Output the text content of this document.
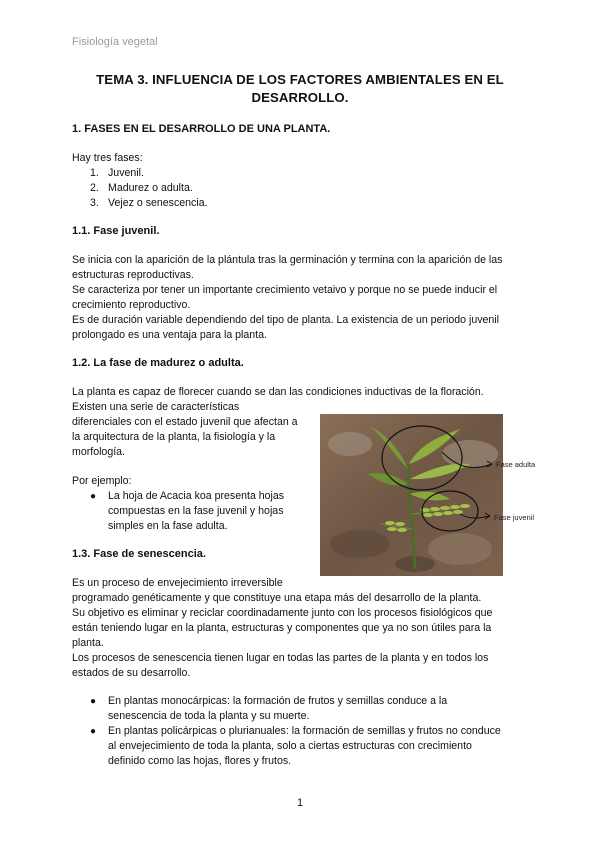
Fisiología vegetal
TEMA 3. INFLUENCIA DE LOS FACTORES AMBIENTALES EN EL
DESARROLLO.
1. FASES EN EL DESARROLLO DE UNA PLANTA.
Hay tres fases:
1. Juvenil.
2. Madurez o adulta.
3. Vejez o senescencia.
1.1. Fase juvenil.
Se inicia con la aparición de la plántula tras la germinación y termina con la aparición de las
estructuras reproductivas.
Se caracteriza por tener un importante crecimiento vetaivo y porque no se puede inducir el
crecimiento reproductivo.
Es de duración variable dependiendo del tipo de planta. La existencia de un periodo juvenil
prolongado es una ventaja para la planta.
1.2. La fase de madurez o adulta.
La planta es capaz de florecer cuando se dan las condiciones inductivas de la floración.
Existen una serie de características
diferenciales con el estado juvenil que afectan a
la arquitectura de la planta, la fisiología y la
morfología.
Por ejemplo:
● La hoja de Acacia koa presenta hojas
compuestas en la fase juvenil y hojas
simples en la fase adulta.
Fase adulta
Fase juvenil
1.3. Fase de senescencia.
Es un proceso de envejecimiento irreversible
programado genéticamente y que constituye una etapa más del desarrollo de la planta.
Su objetivo es eliminar y reciclar coordinadamente junto con los procesos fisiológicos que
están teniendo lugar en la planta, estructuras y componentes que ya no son útiles para la
planta.
Los procesos de senescencia tienen lugar en todas las partes de la planta y en todos los
estados de su desarrollo.
● En plantas monocárpicas: la formación de frutos y semillas conduce a la
senescencia de toda la planta y su muerte.
● En plantas policárpicas o plurianuales: la formación de semillas y frutos no conduce
al envejecimiento de toda la planta, solo a ciertas estructuras con crecimiento
definido como las hojas, flores y frutos.
1
